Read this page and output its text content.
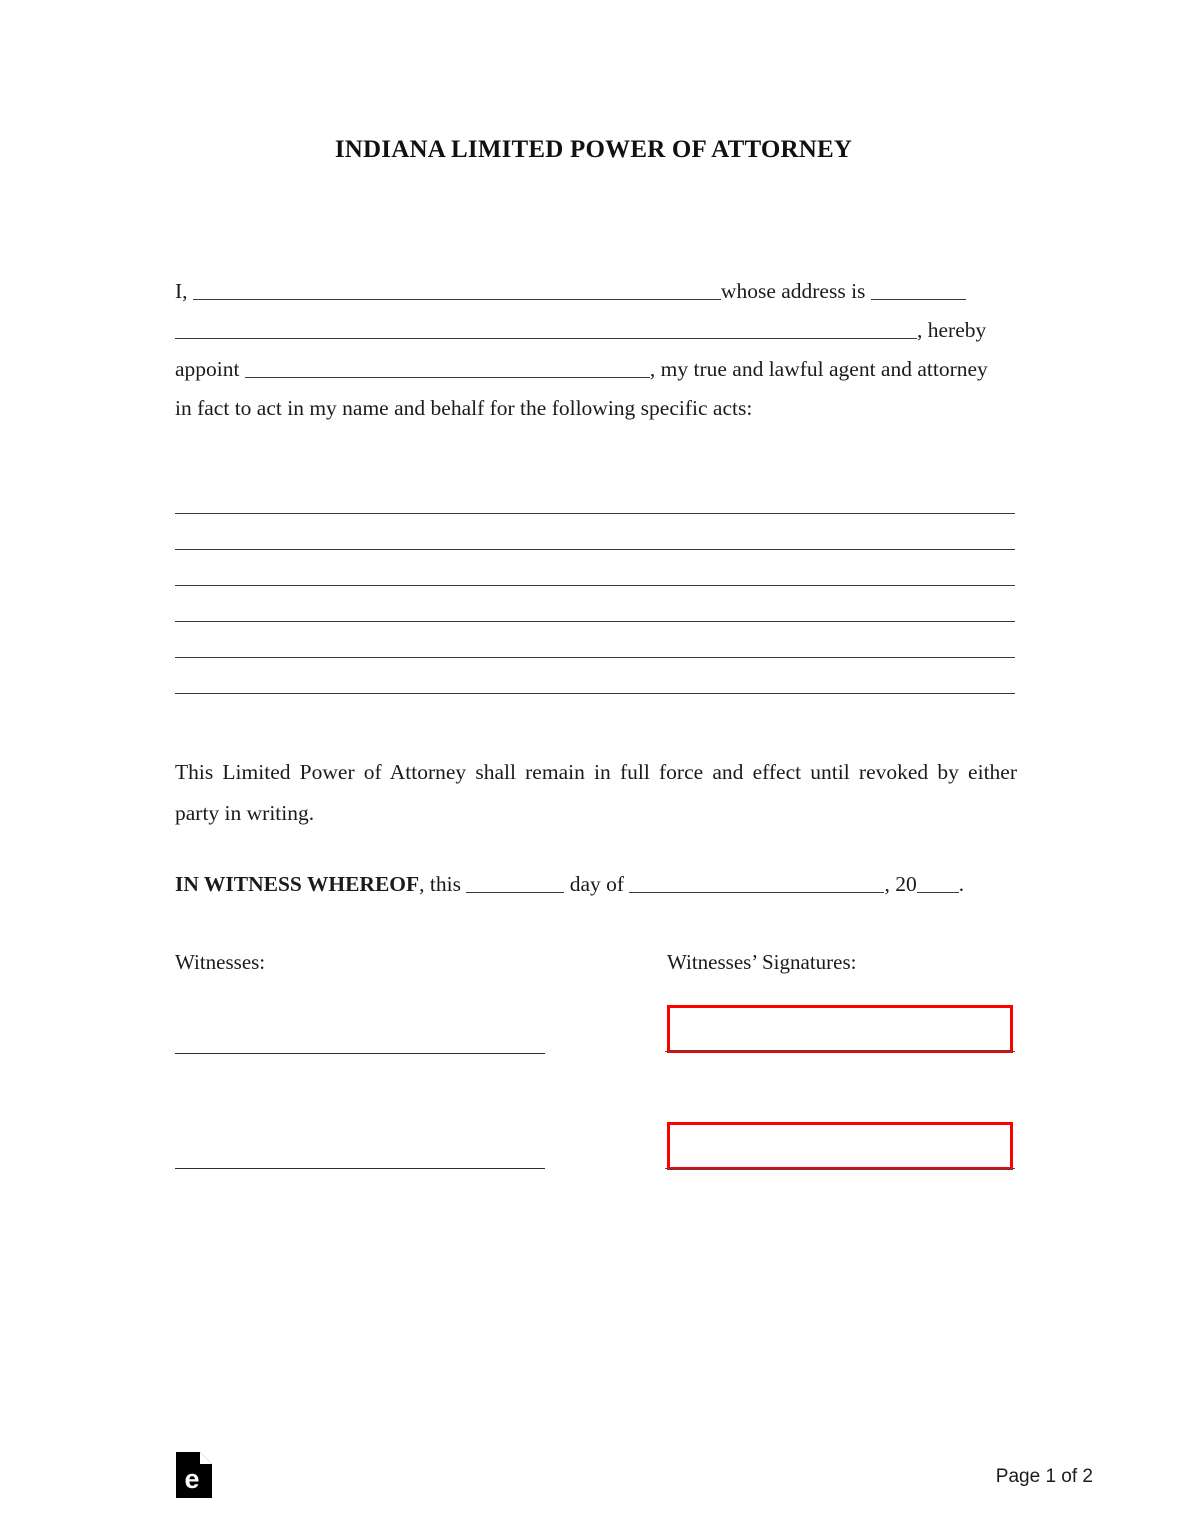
INDIANA LIMITED POWER OF ATTORNEY
I,	whose address is
, hereby
appoint	, my true and lawful agent and attorney
in fact to act in my name and behalf for the following specific acts:
This Limited Power of Attorney shall remain in full force and effect until revoked by either
party in writing.
IN WITNESS WHEREOF, this	day of	, 20 .
Witnesses:	Witnesses’ Signatures:
e	Page 1 of 2
